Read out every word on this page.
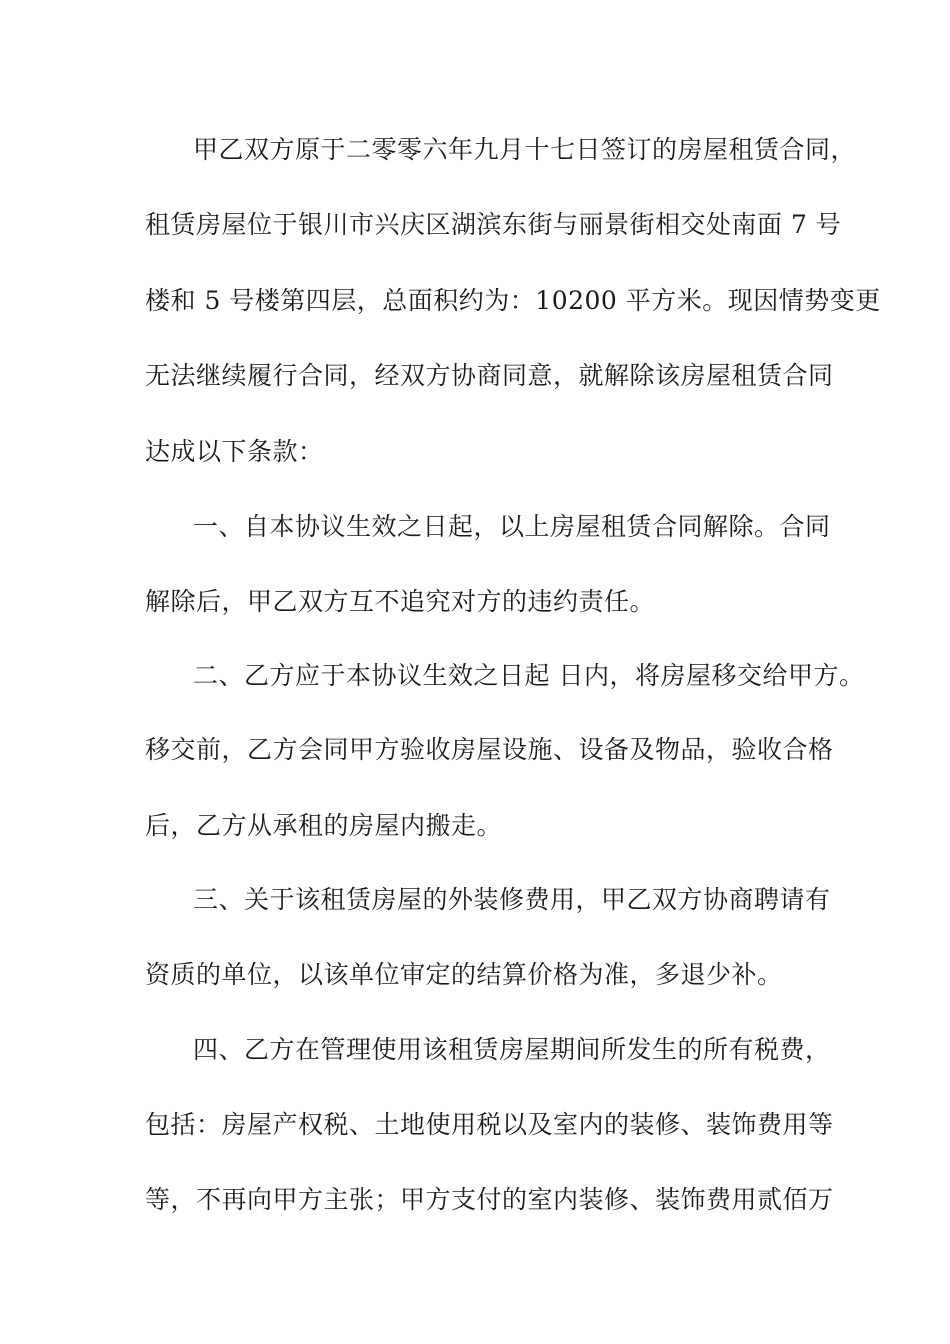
甲乙双方原于二零零六年九月十七日签订的房屋租赁合同，
租赁房屋位于银川市兴庆区湖滨东街与丽景街相交处南面 7 号
楼和 5 号楼第四层，总面积约为：10200 平方米。现因情势变更
无法继续履行合同，经双方协商同意，就解除该房屋租赁合同
达成以下条款：
一、自本协议生效之日起，以上房屋租赁合同解除。合同
解除后，甲乙双方互不追究对方的违约责任。
二、乙方应于本协议生效之日起 日内，将房屋移交给甲方。
移交前，乙方会同甲方验收房屋设施、设备及物品，验收合格
后，乙方从承租的房屋内搬走。
三、关于该租赁房屋的外装修费用，甲乙双方协商聘请有
资质的单位，以该单位审定的结算价格为准，多退少补。
四、乙方在管理使用该租赁房屋期间所发生的所有税费，
包括：房屋产权税、土地使用税以及室内的装修、装饰费用等
等，不再向甲方主张；甲方支付的室内装修、装饰费用贰佰万
